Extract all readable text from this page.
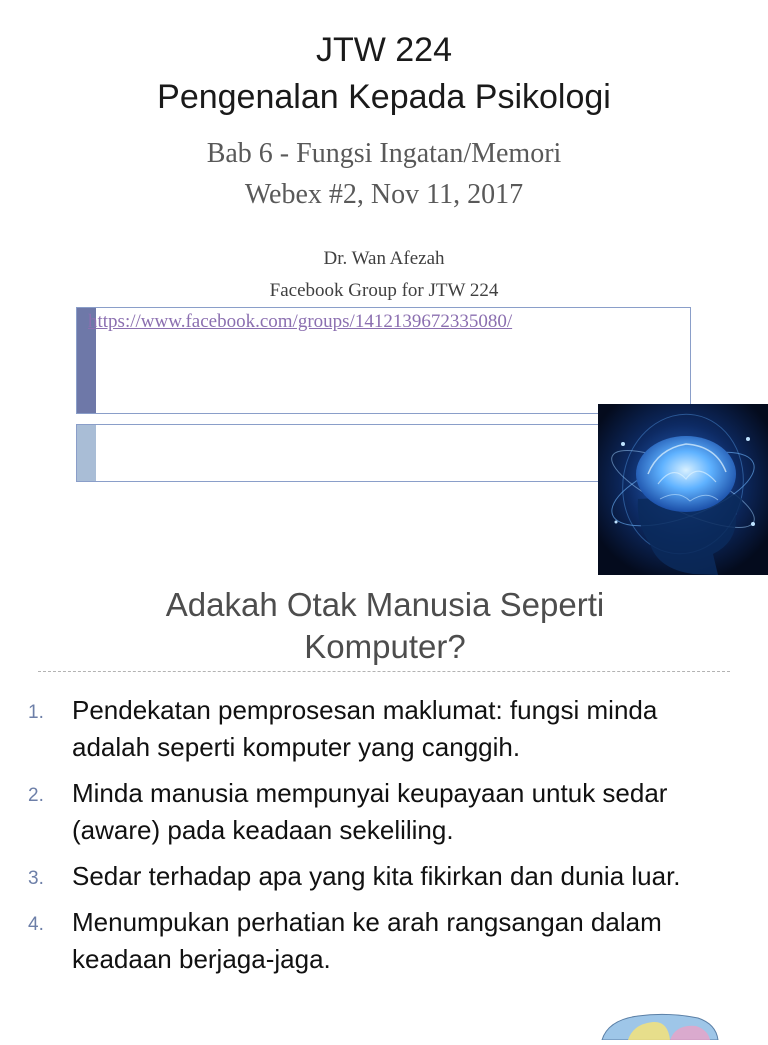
JTW 224
Pengenalan Kepada Psikologi
Bab 6 - Fungsi Ingatan/Memori
Webex #2, Nov 11, 2017
Dr. Wan Afezah
Facebook Group for JTW 224
https://www.facebook.com/groups/1412139672335080/
Adakah Otak Manusia Seperti
Komputer?
1. Pendekatan pemprosesan maklumat: fungsi minda adalah seperti komputer yang canggih.
2. Minda manusia mempunyai keupayaan untuk sedar (aware) pada keadaan sekeliling.
3. Sedar terhadap apa yang kita fikirkan dan dunia luar.
4. Menumpukan perhatian ke arah rangsangan dalam keadaan berjaga-jaga.
